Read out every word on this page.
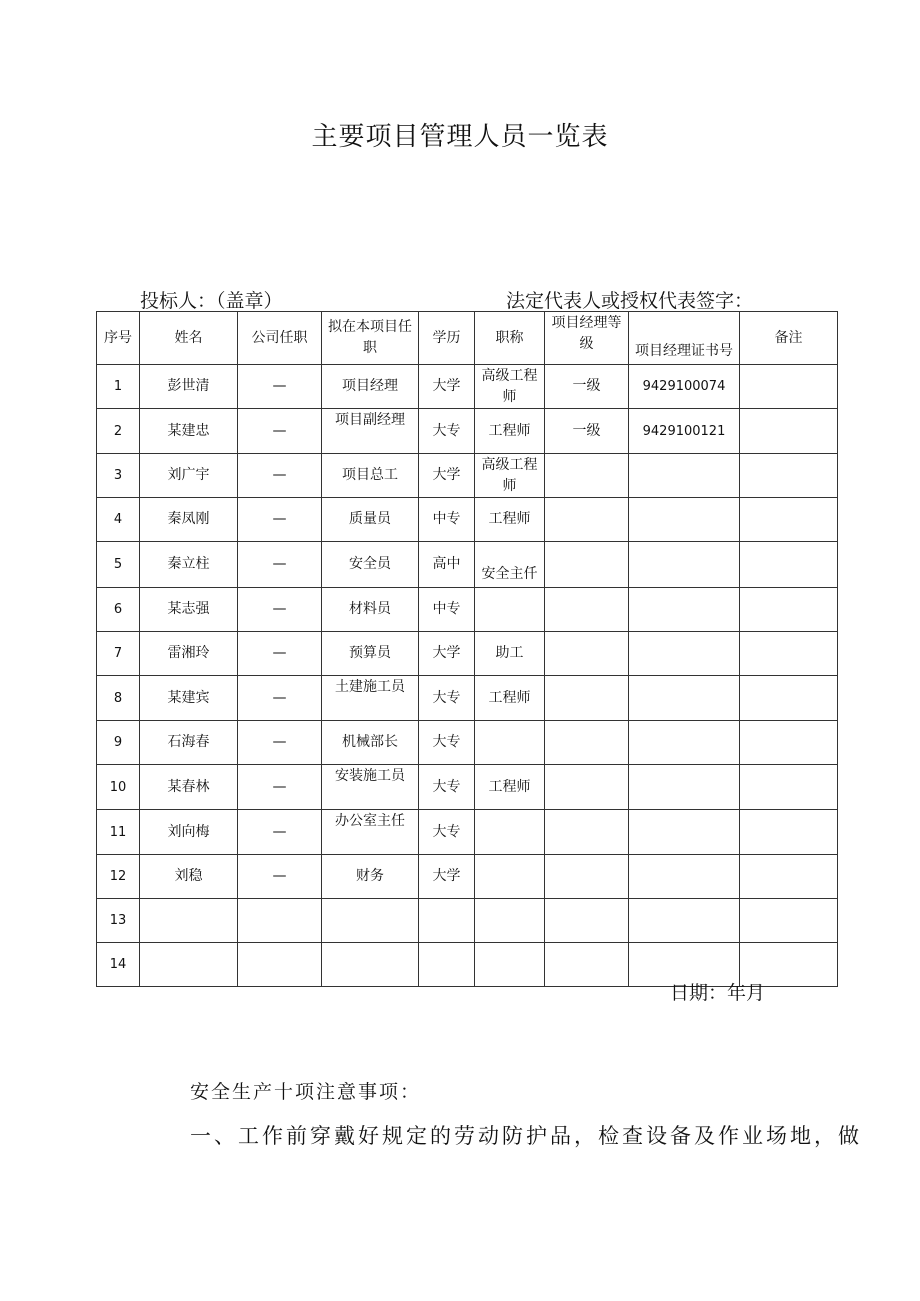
主要项目管理人员一览表
投标人：（盖章）	法定代表人或授权代表签字：
序号	姓名	公司任职	拟在本项目任职	学历	职称	项目经理等级	项目经理证书号	备注
1	彭世清	—	项目经理	大学	高级工程师	一级	9429100074	
2	某建忠	—	项目副经理	大专	工程师	一级	9429100121	
3	刘广宇	—	项目总工	大学	高级工程师			
4	秦凤刚	—	质量员	中专	工程师			
5	秦立柱	—	安全员	高中	安全主仟			
6	某志强	—	材料员	中专				
7	雷湘玲	—	预算员	大学	助工			
8	某建宾	—	土建施工员	大专	工程师			
9	石海春	—	机械部长	大专				
10	某春林	—	安装施工员	大专	工程师			
11	刘向梅	—	办公室主任	大专				
12	刘稳	—	财务	大学				
13								
14								
日期：年月
安全生产十项注意事项：
一、工作前穿戴好规定的劳动防护品，检查设备及作业场地，做
